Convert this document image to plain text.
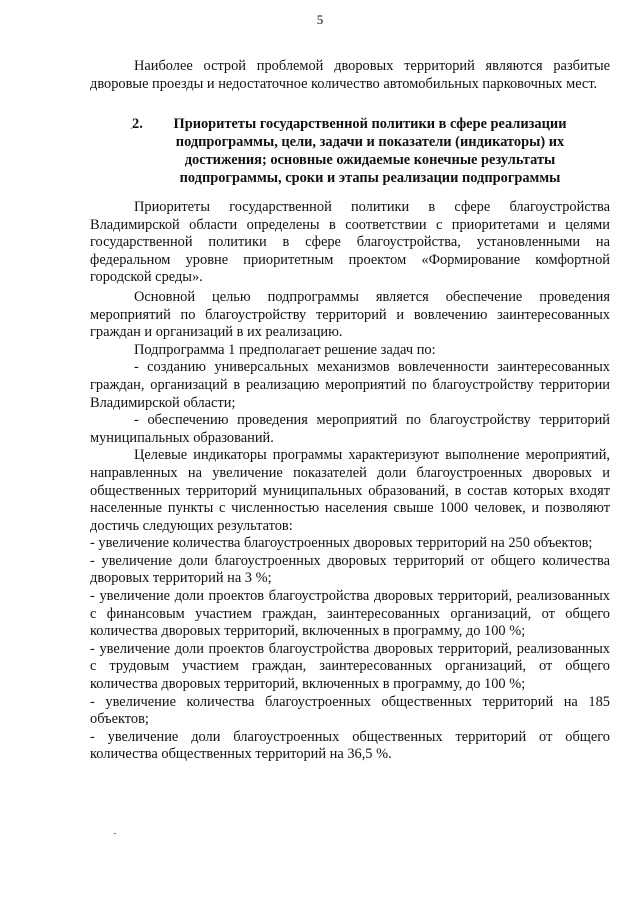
5

Наиболее острой проблемой дворовых территорий являются разбитые дворовые проезды и недостаточное количество автомобильных парковочных мест.

2. Приоритеты государственной политики в сфере реализации подпрограммы, цели, задачи и показатели (индикаторы) их достижения; основные ожидаемые конечные результаты подпрограммы, сроки и этапы реализации подпрограммы

Приоритеты государственной политики в сфере благоустройства Владимирской области определены в соответствии с приоритетами и целями государственной политики в сфере благоустройства, установленными на федеральном уровне приоритетным проектом «Формирование комфортной городской среды».

Основной целью подпрограммы является обеспечение проведения мероприятий по благоустройству территорий и вовлечению заинтересованных граждан и организаций в их реализацию.

Подпрограмма 1 предполагает решение задач по:

- созданию универсальных механизмов вовлеченности заинтересованных граждан, организаций в реализацию мероприятий по благоустройству территории Владимирской области;

- обеспечению проведения мероприятий по благоустройству территорий муниципальных образований.

Целевые индикаторы программы характеризуют выполнение мероприятий, направленных на увеличение показателей доли благоустроенных дворовых и общественных территорий муниципальных образований, в состав которых входят населенные пункты с численностью населения свыше 1000 человек, и позволяют достичь следующих результатов:

- увеличение количества благоустроенных дворовых территорий на 250 объектов;

- увеличение доли благоустроенных дворовых территорий от общего количества дворовых территорий на 3 %;

- увеличение доли проектов благоустройства дворовых территорий, реализованных с финансовым участием граждан, заинтересованных организаций, от общего количества дворовых территорий, включенных в программу, до 100 %;

- увеличение доли проектов благоустройства дворовых территорий, реализованных с трудовым участием граждан, заинтересованных организаций, от общего количества дворовых территорий, включенных в программу, до 100 %;

- увеличение количества благоустроенных общественных территорий на 185 объектов;

- увеличение доли благоустроенных общественных территорий от общего количества общественных территорий на 36,5 %.

.
-
